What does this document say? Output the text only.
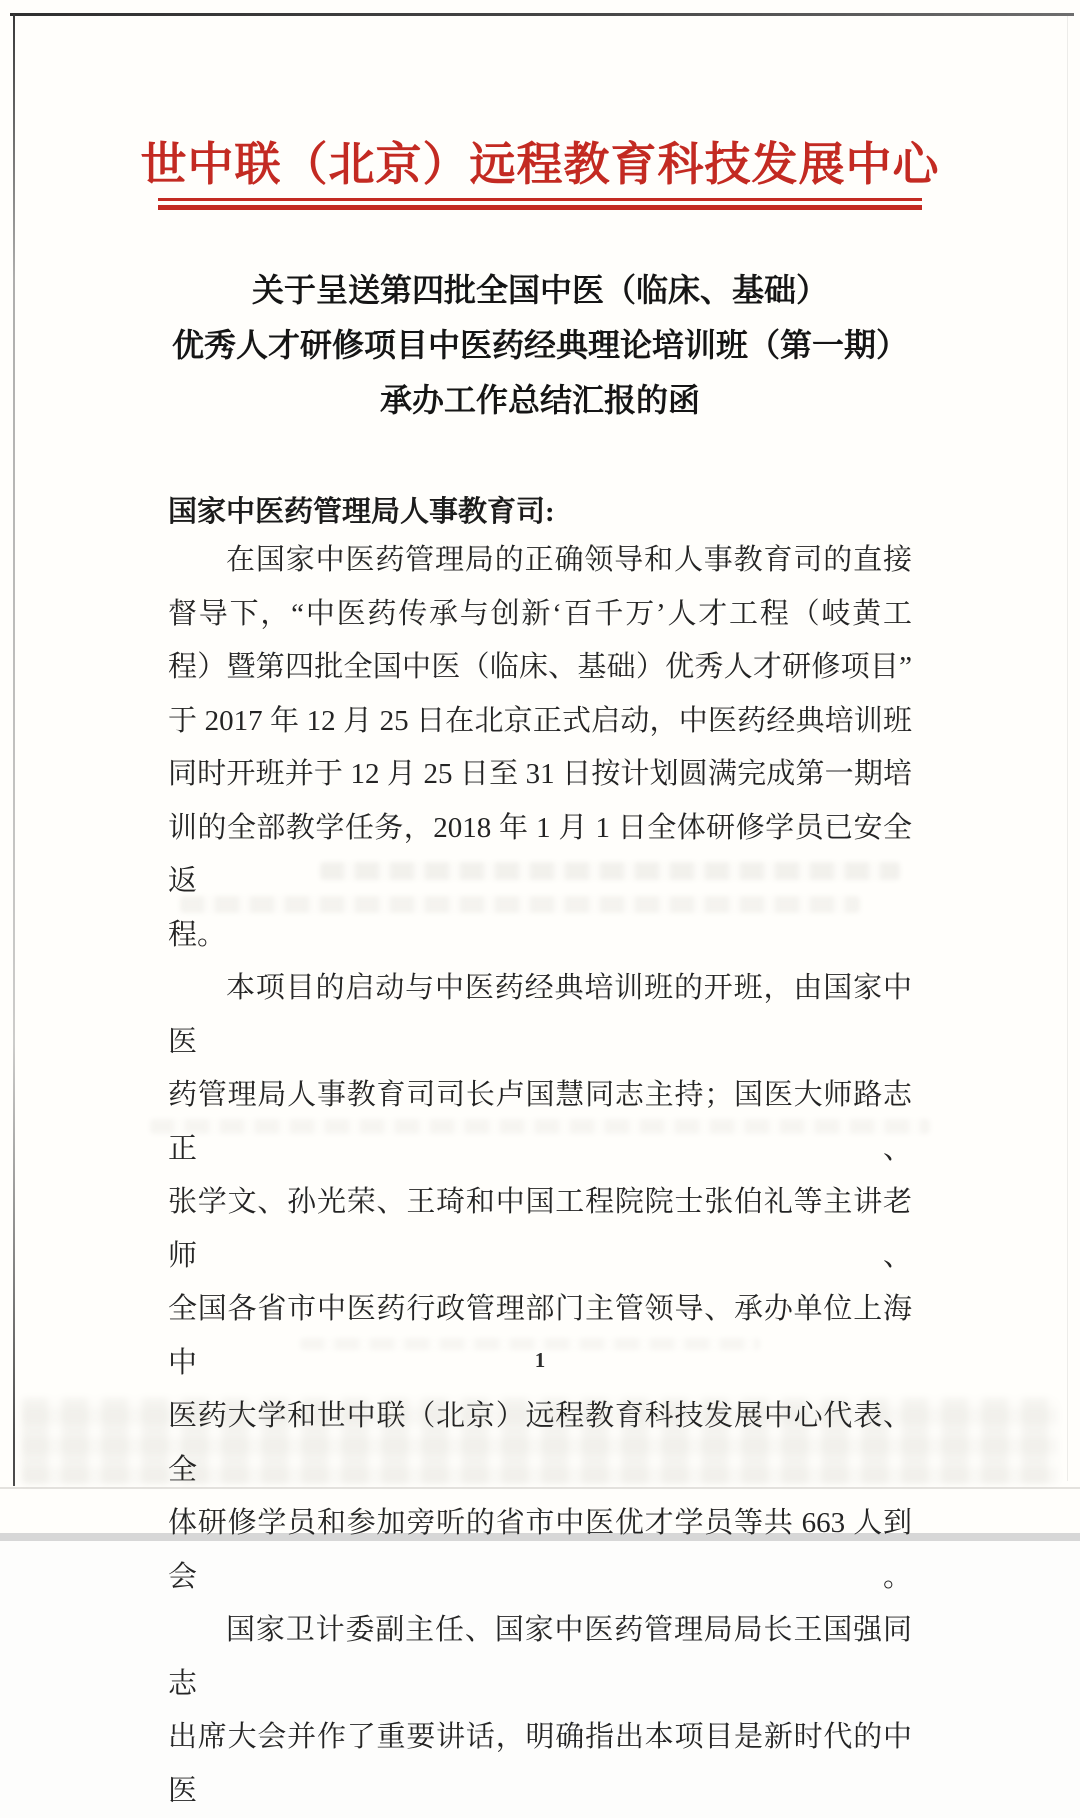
世中联（北京）远程教育科技发展中心
关于呈送第四批全国中医（临床、基础）
优秀人才研修项目中医药经典理论培训班（第一期）
承办工作总结汇报的函
国家中医药管理局人事教育司:
在国家中医药管理局的正确领导和人事教育司的直接
督导下，“中医药传承与创新‘百千万’人才工程（岐黄工
程）暨第四批全国中医（临床、基础）优秀人才研修项目”
于 2017 年 12 月 25 日在北京正式启动，中医药经典培训班
同时开班并于 12 月 25 日至 31 日按计划圆满完成第一期培
训的全部教学任务，2018 年 1 月 1 日全体研修学员已安全返
程。
本项目的启动与中医药经典培训班的开班，由国家中医
药管理局人事教育司司长卢国慧同志主持；国医大师路志正、
张学文、孙光荣、王琦和中国工程院院士张伯礼等主讲老师、
全国各省市中医药行政管理部门主管领导、承办单位上海中
医药大学和世中联（北京）远程教育科技发展中心代表、全
体研修学员和参加旁听的省市中医优才学员等共 663 人到会。
国家卫计委副主任、国家中医药管理局局长王国强同志
出席大会并作了重要讲话，明确指出本项目是新时代的中医
1
